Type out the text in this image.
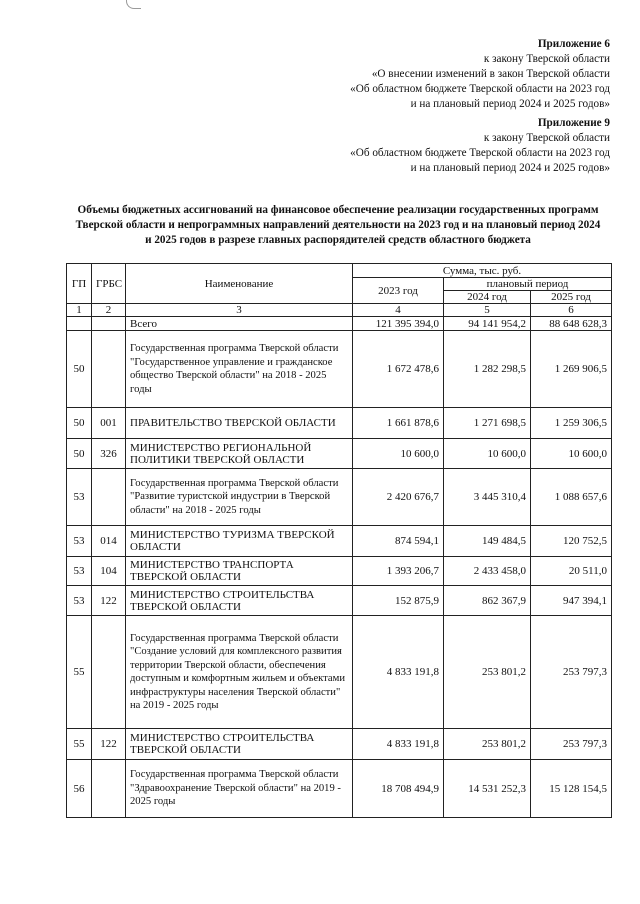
Приложение 6
к закону Тверской области
«О внесении изменений в закон Тверской области
«Об областном бюджете Тверской области на 2023 год
и на плановый период 2024 и 2025 годов»
Приложение 9
к закону Тверской области
«Об областном бюджете Тверской области на 2023 год
и на плановый период 2024 и 2025 годов»
Объемы бюджетных ассигнований на финансовое обеспечение реализации государственных программ
Тверской области и непрограммных направлений деятельности на 2023 год и на плановый период 2024
и 2025 годов в разрезе главных распорядителей средств областного бюджета
ГП	ГРБС	Наименование	Сумма, тыс. руб.		
			2023 год	плановый период	
				2024 год	2025 год
1	2	3	4	5	6
		Всего	121 395 394,0	94 141 954,2	88 648 628,3
50		Государственная программа Тверской области "Государственное управление и гражданское общество Тверской области" на 2018 - 2025 годы	1 672 478,6	1 282 298,5	1 269 906,5
50	001	ПРАВИТЕЛЬСТВО ТВЕРСКОЙ ОБЛАСТИ	1 661 878,6	1 271 698,5	1 259 306,5
50	326	МИНИСТЕРСТВО РЕГИОНАЛЬНОЙ ПОЛИТИКИ ТВЕРСКОЙ ОБЛАСТИ	10 600,0	10 600,0	10 600,0
53		Государственная программа Тверской области "Развитие туристской индустрии в Тверской области" на 2018 - 2025 годы	2 420 676,7	3 445 310,4	1 088 657,6
53	014	МИНИСТЕРСТВО ТУРИЗМА ТВЕРСКОЙ ОБЛАСТИ	874 594,1	149 484,5	120 752,5
53	104	МИНИСТЕРСТВО ТРАНСПОРТА ТВЕРСКОЙ ОБЛАСТИ	1 393 206,7	2 433 458,0	20 511,0
53	122	МИНИСТЕРСТВО СТРОИТЕЛЬСТВА ТВЕРСКОЙ ОБЛАСТИ	152 875,9	862 367,9	947 394,1
55		Государственная программа Тверской области "Создание условий для комплексного развития территории Тверской области, обеспечения доступным и комфортным жильем и объектами инфраструктуры населения Тверской области" на 2019 - 2025 годы	4 833 191,8	253 801,2	253 797,3
55	122	МИНИСТЕРСТВО СТРОИТЕЛЬСТВА ТВЕРСКОЙ ОБЛАСТИ	4 833 191,8	253 801,2	253 797,3
56		Государственная программа Тверской области "Здравоохранение Тверской области" на 2019 - 2025 годы	18 708 494,9	14 531 252,3	15 128 154,5
